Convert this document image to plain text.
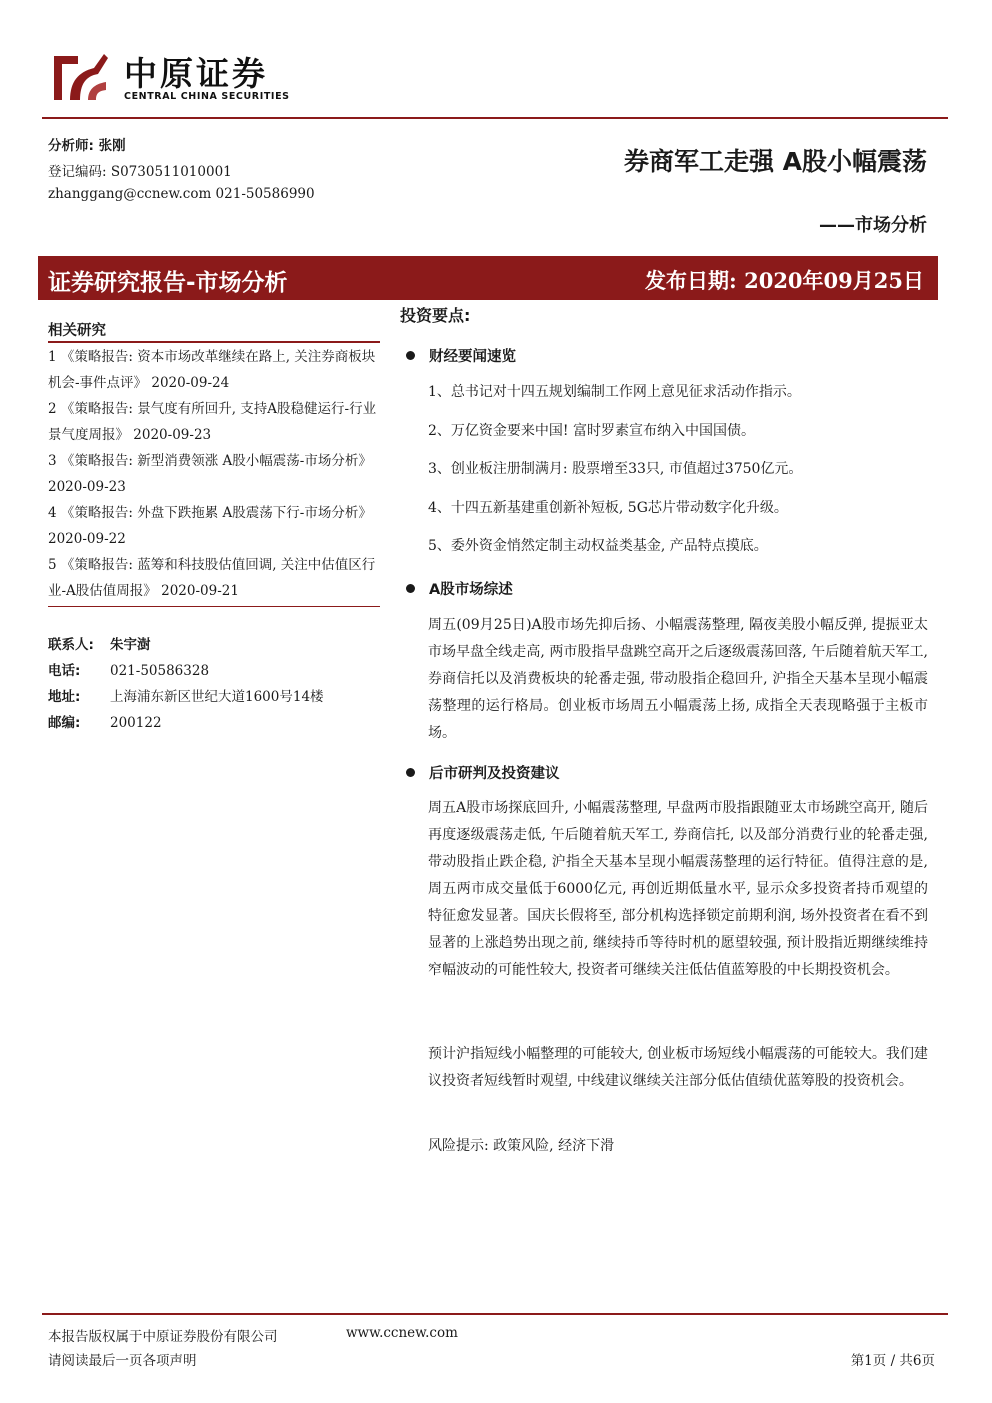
中原证券
CENTRAL CHINA SECURITIES
分析师: 张刚
登记编码: S0730511010001
zhanggang@ccnew.com 021-50586990
券商军工走强 A股小幅震荡
——市场分析
证券研究报告-市场分析	发布日期: 2020年09月25日
相关研究

1 《策略报告: 资本市场改革继续在路上, 关注券商板块机会-事件点评》 2020-09-24

2 《策略报告: 景气度有所回升, 支持A股稳健运行-行业景气度周报》 2020-09-23

3 《策略报告: 新型消费领涨 A股小幅震荡-市场分析》 2020-09-23

4 《策略报告: 外盘下跌拖累 A股震荡下行-市场分析》 2020-09-22

5 《策略报告: 蓝筹和科技股估值回调, 关注中估值区行业-A股估值周报》 2020-09-21

联系人: 朱宇澍
电话: 021-50586328
地址: 上海浦东新区世纪大道1600号14楼
邮编: 200122
投资要点:
财经要闻速览

1、总书记对十四五规划编制工作网上意见征求活动作指示。

2、万亿资金要来中国! 富时罗素宣布纳入中国国债。

3、创业板注册制满月: 股票增至33只, 市值超过3750亿元。

4、十四五新基建重创新补短板, 5G芯片带动数字化升级。

5、委外资金悄然定制主动权益类基金, 产品特点摸底。

A股市场综述

周五(09月25日)A股市场先抑后扬、小幅震荡整理, 隔夜美股小幅反弹, 提振亚太市场早盘全线走高, 两市股指早盘跳空高开之后逐级震荡回落, 午后随着航天军工, 券商信托以及消费板块的轮番走强, 带动股指企稳回升, 沪指全天基本呈现小幅震荡整理的运行格局。创业板市场周五小幅震荡上扬, 成指全天表现略强于主板市场。

后市研判及投资建议

周五A股市场探底回升, 小幅震荡整理, 早盘两市股指跟随亚太市场跳空高开, 随后再度逐级震荡走低, 午后随着航天军工, 券商信托, 以及部分消费行业的轮番走强, 带动股指止跌企稳, 沪指全天基本呈现小幅震荡整理的运行特征。值得注意的是, 周五两市成交量低于6000亿元, 再创近期低量水平, 显示众多投资者持币观望的特征愈发显著。国庆长假将至, 部分机构选择锁定前期利润, 场外投资者在看不到显著的上涨趋势出现之前, 继续持币等待时机的愿望较强, 预计股指近期继续维持窄幅波动的可能性较大, 投资者可继续关注低估值蓝筹股的中长期投资机会。

预计沪指短线小幅整理的可能较大, 创业板市场短线小幅震荡的可能较大。我们建议投资者短线暂时观望, 中线建议继续关注部分低估值绩优蓝筹股的投资机会。

风险提示: 政策风险, 经济下滑

本报告版权属于中原证券股份有限公司	www.ccnew.com
请阅读最后一页各项声明	第1页 / 共6页
